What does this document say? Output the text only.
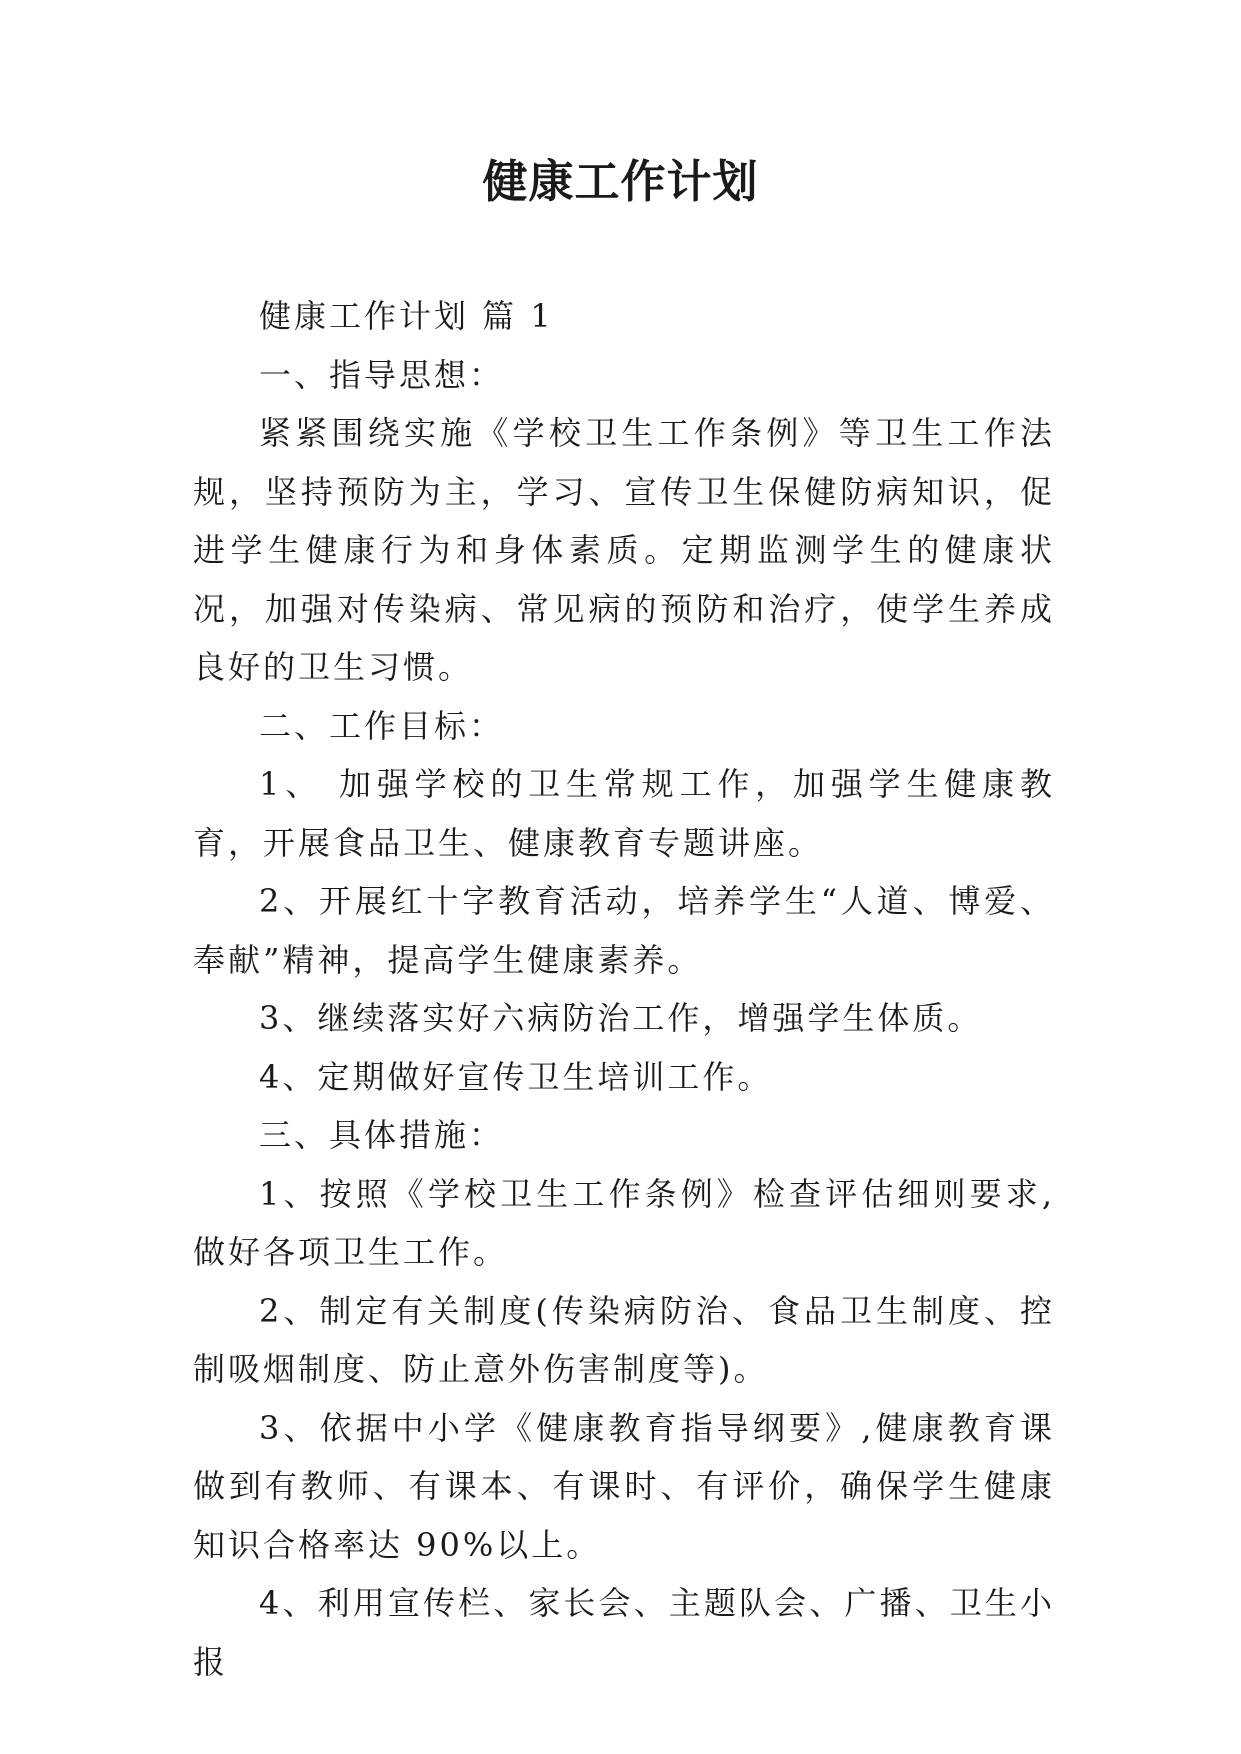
健康工作计划

健康工作计划 篇 1

一、指导思想：

紧紧围绕实施《学校卫生工作条例》等卫生工作法规，坚持预防为主，学习、宣传卫生保健防病知识，促进学生健康行为和身体素质。定期监测学生的健康状况，加强对传染病、常见病的预防和治疗，使学生养成良好的卫生习惯。

二、工作目标：

1、 加强学校的卫生常规工作，加强学生健康教育，开展食品卫生、健康教育专题讲座。

2、开展红十字教育活动，培养学生“人道、博爱、奉献”精神，提高学生健康素养。

3、继续落实好六病防治工作，增强学生体质。

4、定期做好宣传卫生培训工作。

三、具体措施：

1、按照《学校卫生工作条例》检查评估细则要求,做好各项卫生工作。

2、制定有关制度(传染病防治、食品卫生制度、控制吸烟制度、防止意外伤害制度等)。

3、依据中小学《健康教育指导纲要》,健康教育课做到有教师、有课本、有课时、有评价，确保学生健康知识合格率达 90%以上。

4、利用宣传栏、家长会、主题队会、广播、卫生小报
